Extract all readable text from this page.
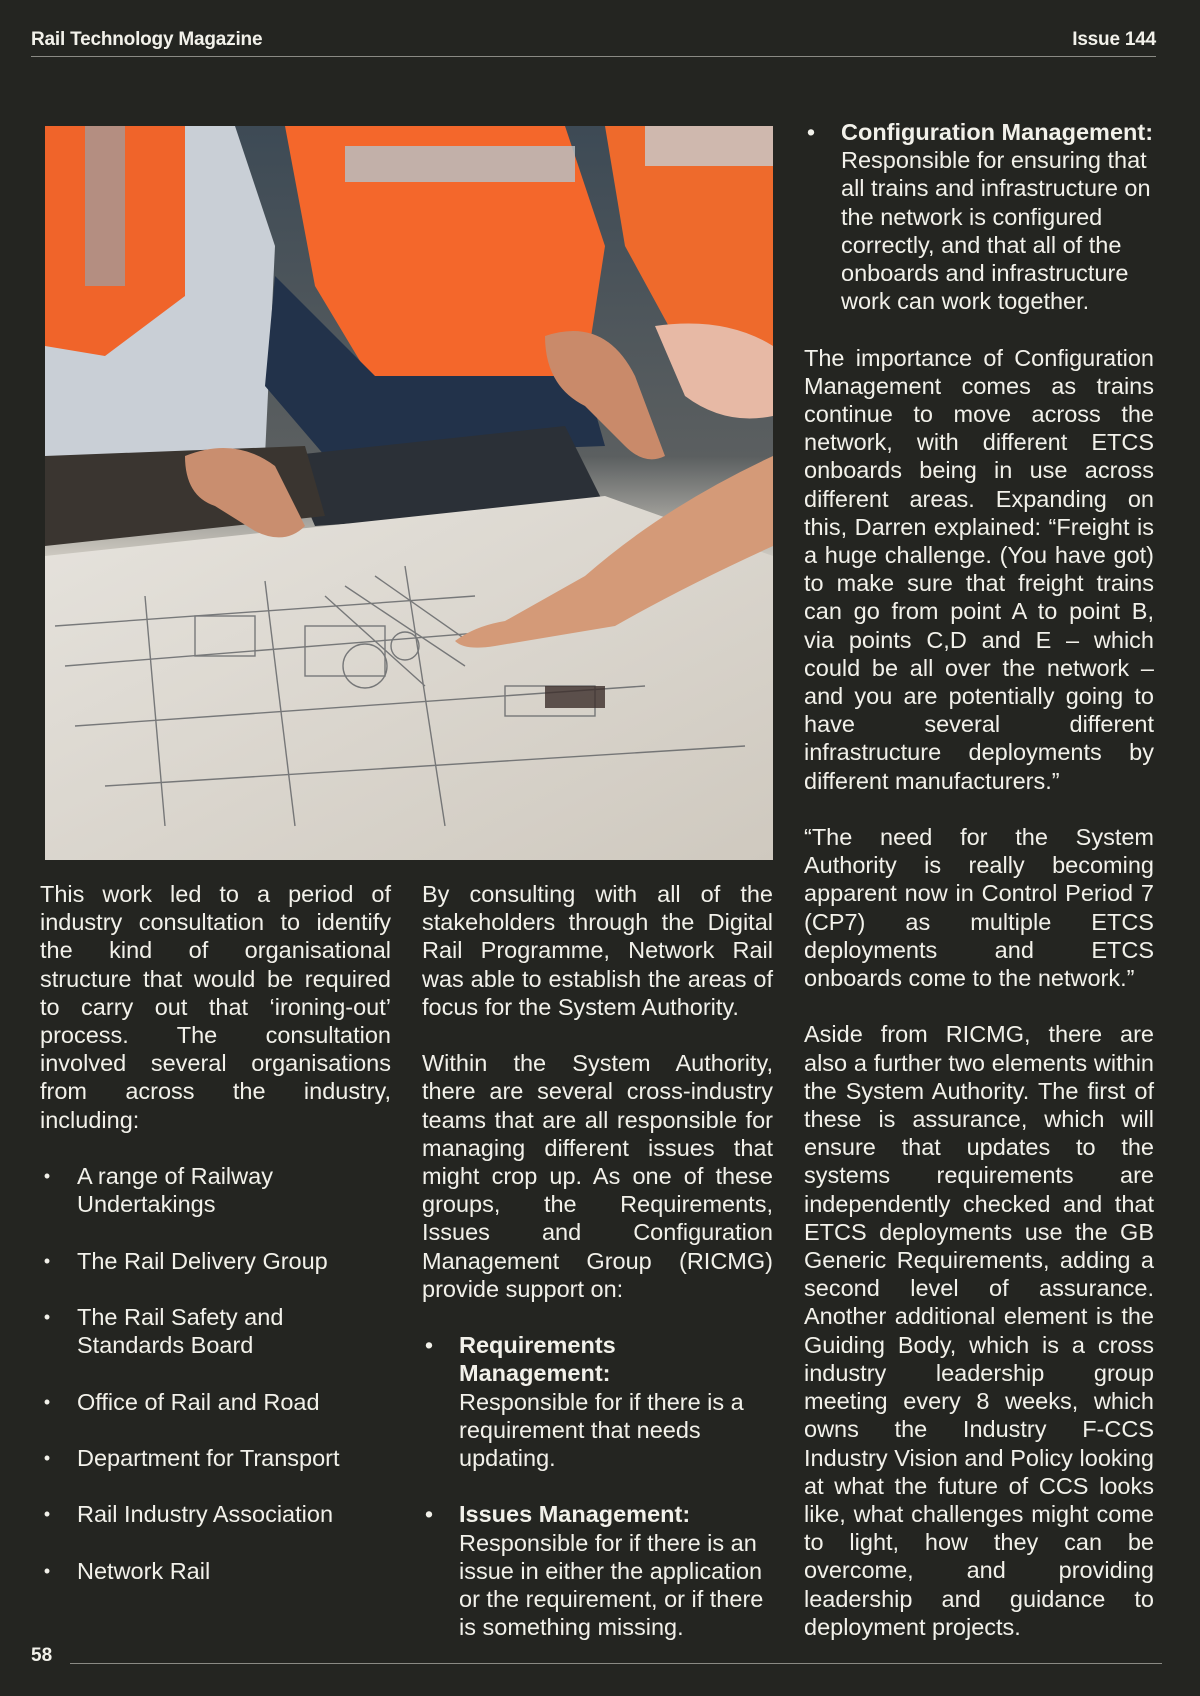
Rail Technology Magazine	Issue 144

This work led to a period of industry consultation to identify the kind of organisational structure that would be required to carry out that ‘ironing-out’ process. The consultation involved several organisations from across the industry, including:

• A range of Railway Undertakings
• The Rail Delivery Group
• The Rail Safety and Standards Board
• Office of Rail and Road
• Department for Transport
• Rail Industry Association
• Network Rail

By consulting with all of the stakeholders through the Digital Rail Programme, Network Rail was able to establish the areas of focus for the System Authority.

Within the System Authority, there are several cross-industry teams that are all responsible for managing different issues that might crop up. As one of these groups, the Requirements, Issues and Configuration Management Group (RICMG) provide support on:

• Requirements Management:
Responsible for if there is a requirement that needs updating.
• Issues Management:
Responsible for if there is an issue in either the application or the requirement, or if there is something missing.
• Configuration Management:
Responsible for ensuring that all trains and infrastructure on the network is configured correctly, and that all of the onboards and infrastructure work can work together.

The importance of Configuration Management comes as trains continue to move across the network, with different ETCS onboards being in use across different areas. Expanding on this, Darren explained: “Freight is a huge challenge. (You have got) to make sure that freight trains can go from point A to point B, via points C,D and E – which could be all over the network – and you are potentially going to have several different infrastructure deployments by different manufacturers.”

“The need for the System Authority is really becoming apparent now in Control Period 7 (CP7) as multiple ETCS deployments and ETCS onboards come to the network.”

Aside from RICMG, there are also a further two elements within the System Authority. The first of these is assurance, which will ensure that updates to the systems requirements are independently checked and that ETCS deployments use the GB Generic Requirements, adding a second level of assurance. Another additional element is the Guiding Body, which is a cross industry leadership group meeting every 8 weeks, which owns the Industry F-CCS Industry Vision and Policy looking at what the future of CCS looks like, what challenges might come to light, how they can be overcome, and providing leadership and guidance to deployment projects.

58
